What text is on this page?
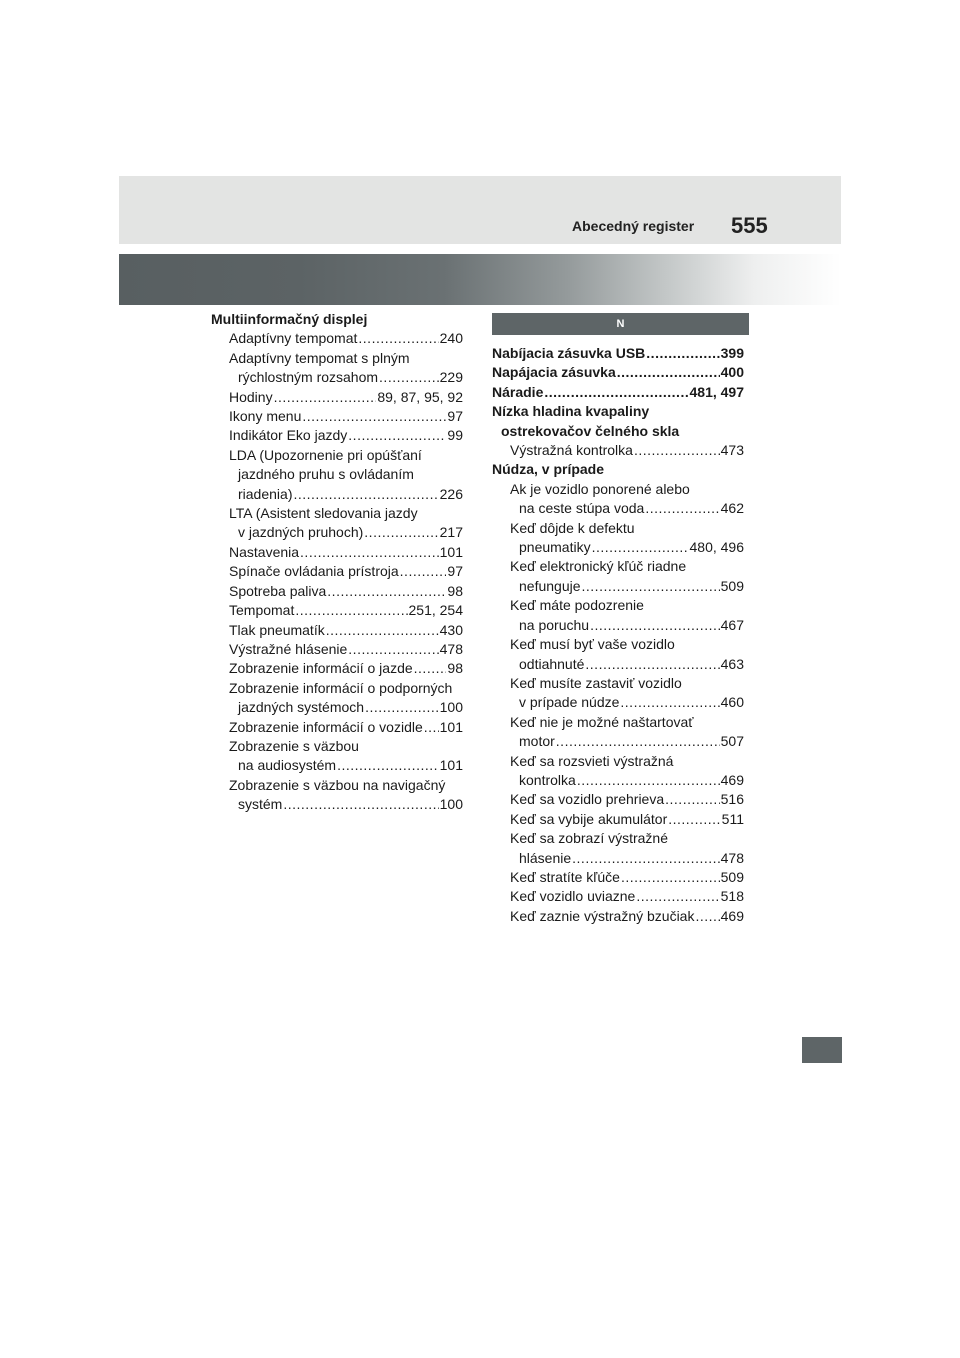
Abecedný register 555
Multiinformačný displej
Adaptívny tempomat .....	240
Adaptívny tempomat s plným
rýchlostným rozsahom .....	229
Hodiny .....	89, 87, 95, 92
Ikony menu .....	97
Indikátor Eko jazdy .....	99
LDA (Upozornenie pri opúšťaní
jazdného pruhu s ovládaním
riadenia) .....	226
LTA (Asistent sledovania jazdy
v jazdných pruhoch) .....	217
Nastavenia .....	101
Spínače ovládania prístroja .....	97
Spotreba paliva .....	98
Tempomat .....	251, 254
Tlak pneumatík .....	430
Výstražné hlásenie .....	478
Zobrazenie informácií o jazde ..... 98
Zobrazenie informácií o podporných
jazdných systémoch .....	100
Zobrazenie informácií o vozidle ..... 101
Zobrazenie s väzbou
na audiosystém .....	101
Zobrazenie s väzbou na navigačný
systém .....	100
N
Nabíjacia zásuvka USB .....	399
Napájacia zásuvka .....	400
Náradie .....	481, 497
Nízka hladina kvapaliny
ostrekovačov čelného skla
Výstražná kontrolka .....	473
Núdza, v prípade
Ak je vozidlo ponorené alebo
na ceste stúpa voda .....	462
Keď dôjde k defektu
pneumatiky .....	480, 496
Keď elektronický kľúč riadne
nefunguje .....	509
Keď máte podozrenie
na poruchu .....	467
Keď musí byť vaše vozidlo
odtiahnuté .....	463
Keď musíte zastaviť vozidlo
v prípade núdze .....	460
Keď nie je možné naštartovať
motor .....	507
Keď sa rozsvieti výstražná
kontrolka .....	469
Keď sa vozidlo prehrieva .....	516
Keď sa vybije akumulátor .....	511
Keď sa zobrazí výstražné
hlásenie .....	478
Keď stratíte kľúče .....	509
Keď vozidlo uviazne .....	518
Keď zaznie výstražný bzučiak ..... 469
